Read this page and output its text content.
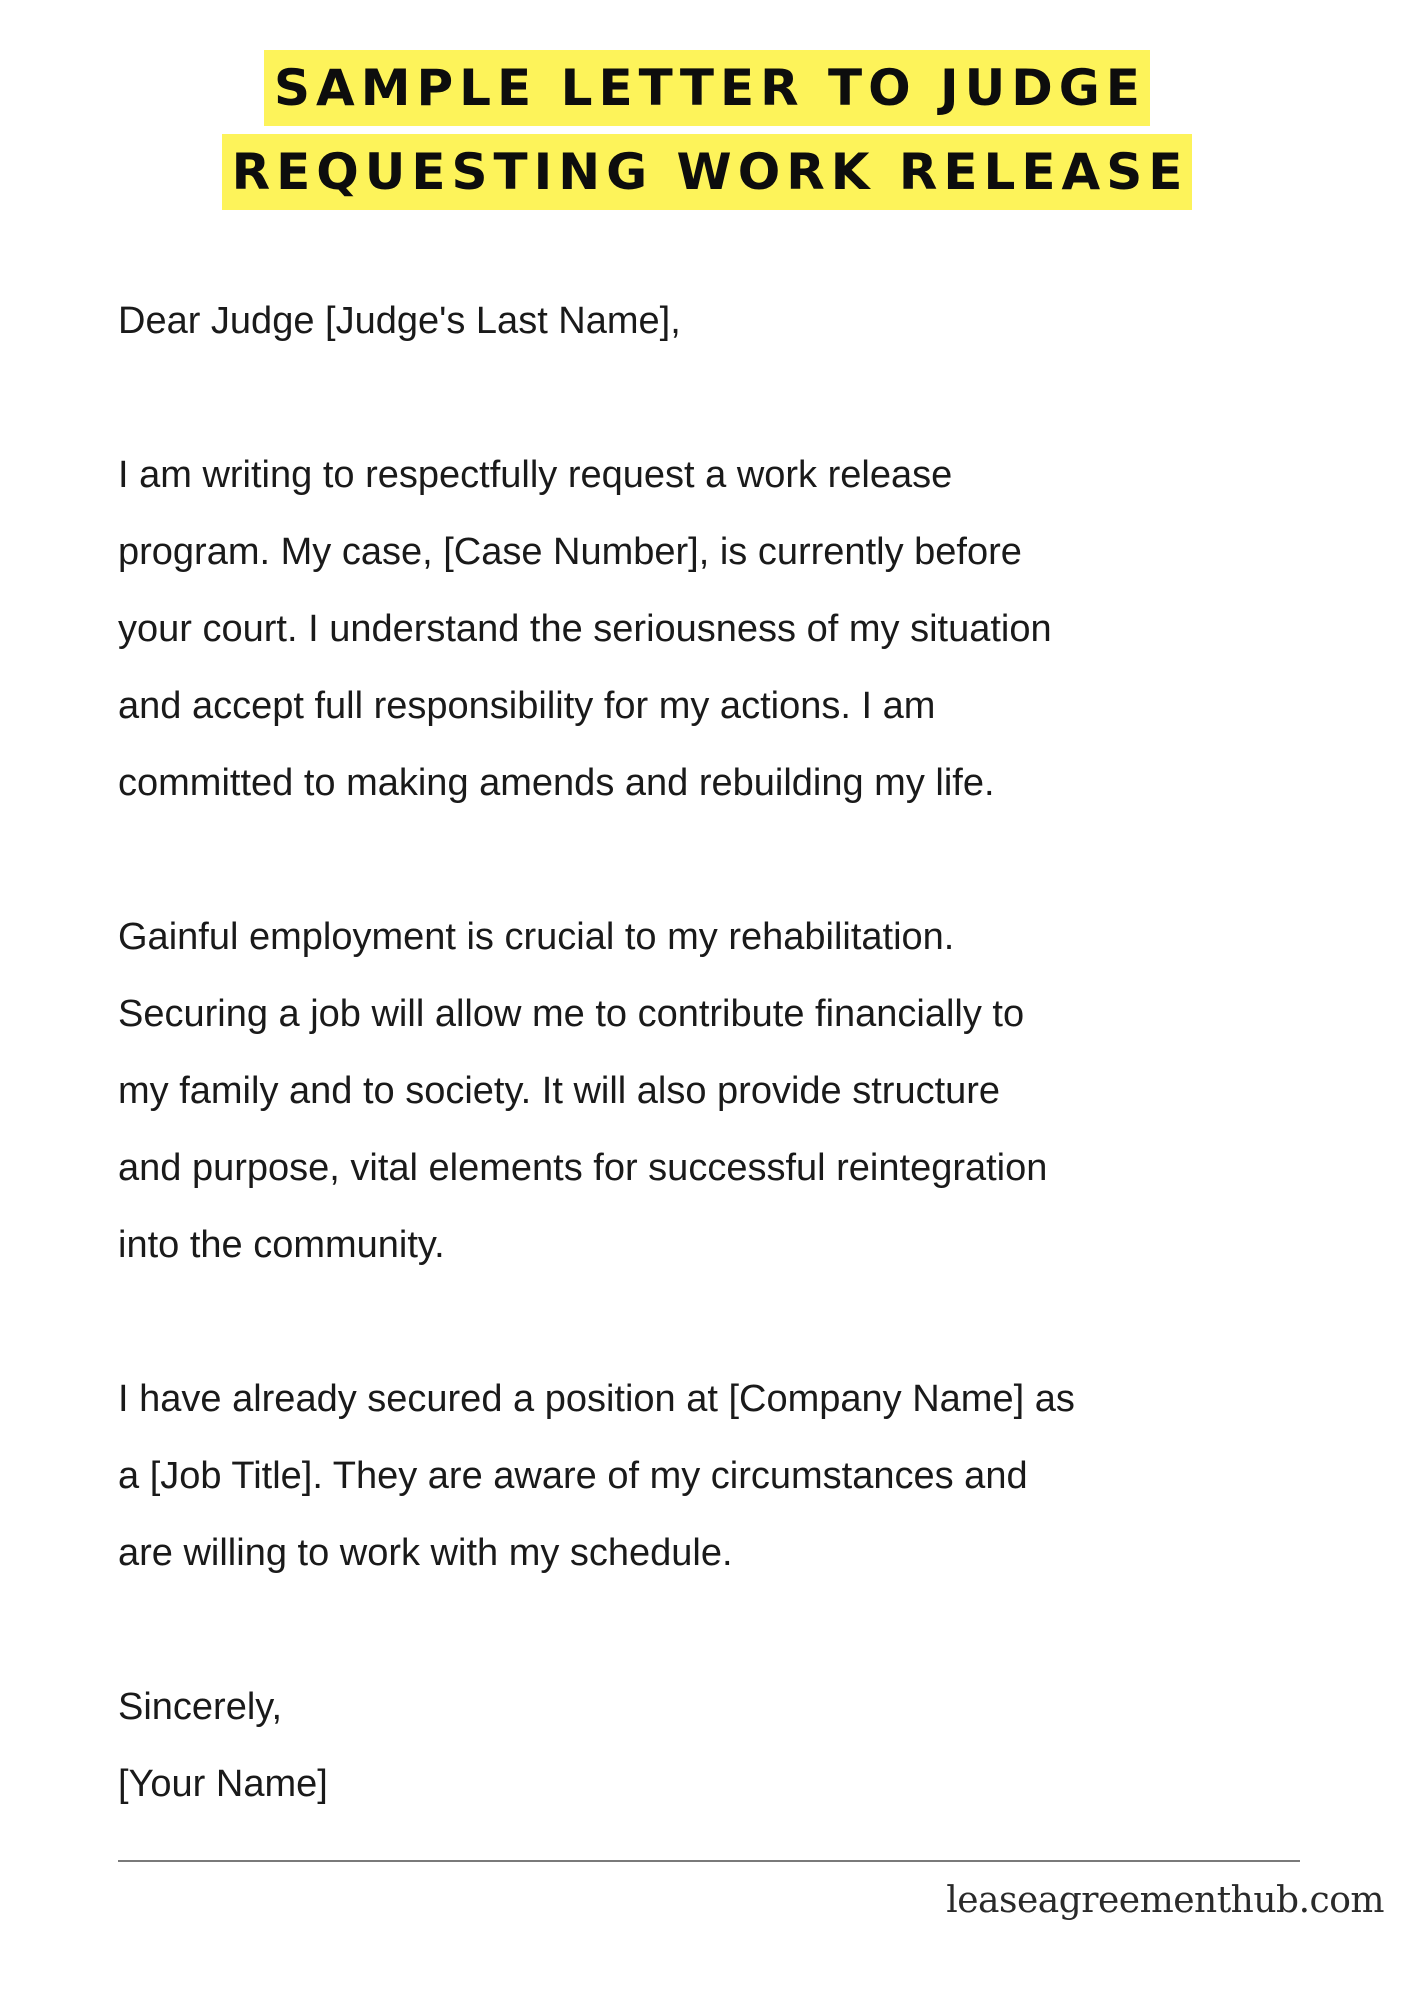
SAMPLE LETTER TO JUDGE
REQUESTING WORK RELEASE

Dear Judge [Judge's Last Name],

I am writing to respectfully request a work release

program. My case, [Case Number], is currently before

your court. I understand the seriousness of my situation

and accept full responsibility for my actions. I am

committed to making amends and rebuilding my life.

Gainful employment is crucial to my rehabilitation.

Securing a job will allow me to contribute financially to

my family and to society. It will also provide structure

and purpose, vital elements for successful reintegration

into the community.

I have already secured a position at [Company Name] as

a [Job Title]. They are aware of my circumstances and

are willing to work with my schedule.

Sincerely,

[Your Name]

leaseagreementhub.com
